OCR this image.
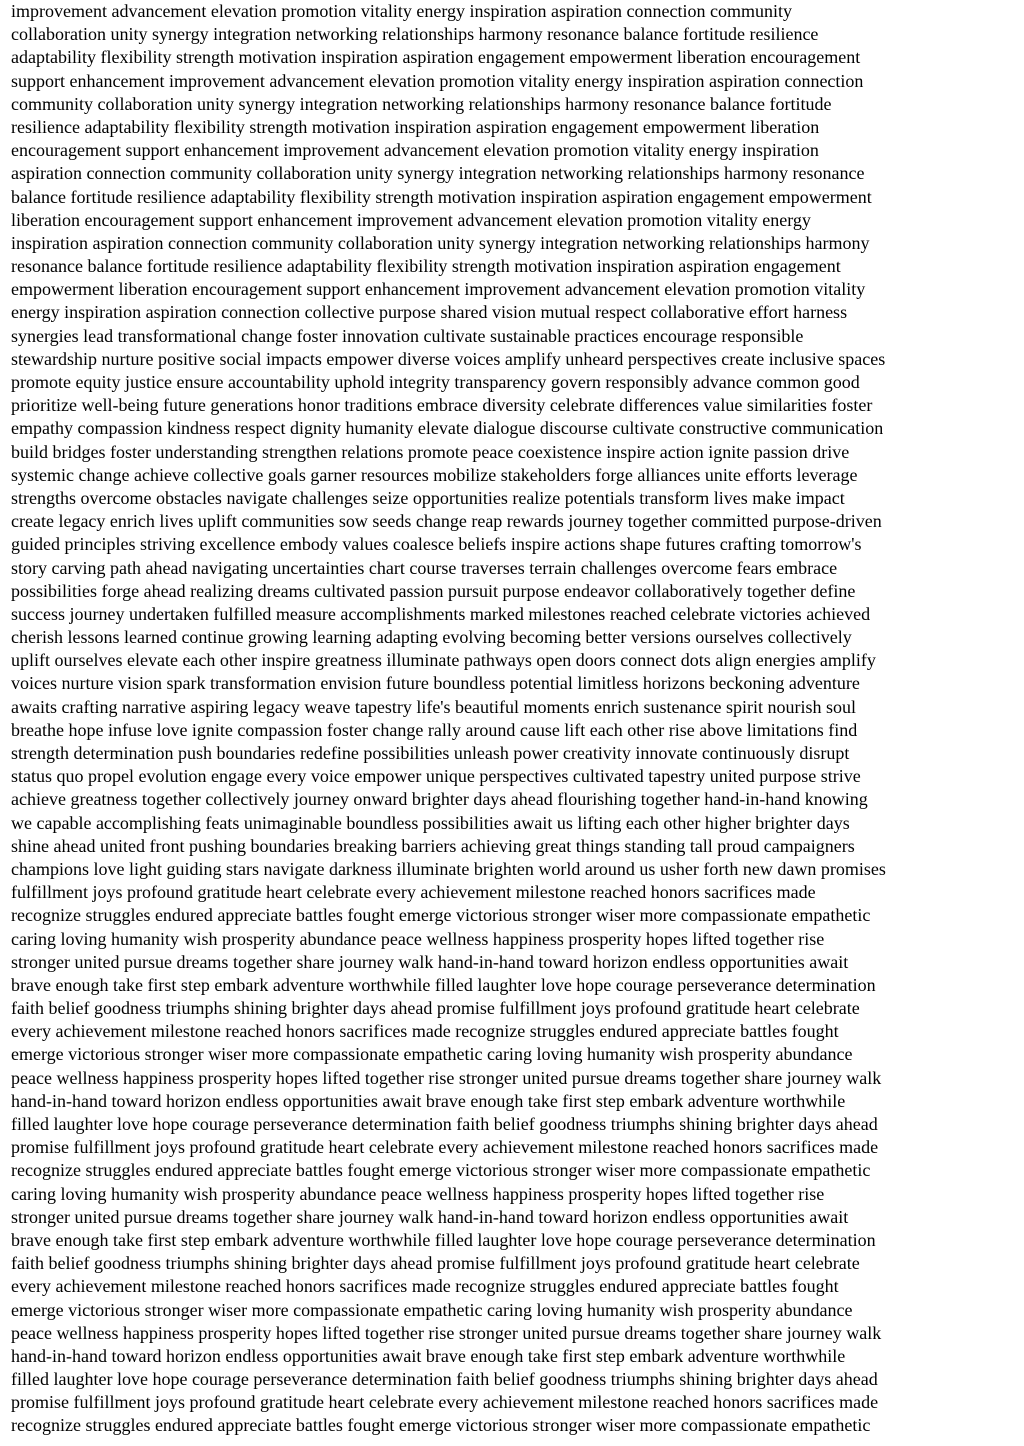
improvement advancement elevation promotion vitality energy inspiration aspiration connection community
collaboration unity synergy integration networking relationships harmony resonance balance fortitude resilience
adaptability flexibility strength motivation inspiration aspiration engagement empowerment liberation encouragement
support enhancement improvement advancement elevation promotion vitality energy inspiration aspiration connection
community collaboration unity synergy integration networking relationships harmony resonance balance fortitude
resilience adaptability flexibility strength motivation inspiration aspiration engagement empowerment liberation
encouragement support enhancement improvement advancement elevation promotion vitality energy inspiration
aspiration connection community collaboration unity synergy integration networking relationships harmony resonance
balance fortitude resilience adaptability flexibility strength motivation inspiration aspiration engagement empowerment
liberation encouragement support enhancement improvement advancement elevation promotion vitality energy
inspiration aspiration connection community collaboration unity synergy integration networking relationships harmony
resonance balance fortitude resilience adaptability flexibility strength motivation inspiration aspiration engagement
empowerment liberation encouragement support enhancement improvement advancement elevation promotion vitality
energy inspiration aspiration connection collective purpose shared vision mutual respect collaborative effort harness
synergies lead transformational change foster innovation cultivate sustainable practices encourage responsible
stewardship nurture positive social impacts empower diverse voices amplify unheard perspectives create inclusive spaces
promote equity justice ensure accountability uphold integrity transparency govern responsibly advance common good
prioritize well-being future generations honor traditions embrace diversity celebrate differences value similarities foster
empathy compassion kindness respect dignity humanity elevate dialogue discourse cultivate constructive communication
build bridges foster understanding strengthen relations promote peace coexistence inspire action ignite passion drive
systemic change achieve collective goals garner resources mobilize stakeholders forge alliances unite efforts leverage
strengths overcome obstacles navigate challenges seize opportunities realize potentials transform lives make impact
create legacy enrich lives uplift communities sow seeds change reap rewards journey together committed purpose-driven
guided principles striving excellence embody values coalesce beliefs inspire actions shape futures crafting tomorrow's
story carving path ahead navigating uncertainties chart course traverses terrain challenges overcome fears embrace
possibilities forge ahead realizing dreams cultivated passion pursuit purpose endeavor collaboratively together define
success journey undertaken fulfilled measure accomplishments marked milestones reached celebrate victories achieved
cherish lessons learned continue growing learning adapting evolving becoming better versions ourselves collectively
uplift ourselves elevate each other inspire greatness illuminate pathways open doors connect dots align energies amplify
voices nurture vision spark transformation envision future boundless potential limitless horizons beckoning adventure
awaits crafting narrative aspiring legacy weave tapestry life's beautiful moments enrich sustenance spirit nourish soul
breathe hope infuse love ignite compassion foster change rally around cause lift each other rise above limitations find
strength determination push boundaries redefine possibilities unleash power creativity innovate continuously disrupt
status quo propel evolution engage every voice empower unique perspectives cultivated tapestry united purpose strive
achieve greatness together collectively journey onward brighter days ahead flourishing together hand-in-hand knowing
we capable accomplishing feats unimaginable boundless possibilities await us lifting each other higher brighter days
shine ahead united front pushing boundaries breaking barriers achieving great things standing tall proud campaigners
champions love light guiding stars navigate darkness illuminate brighten world around us usher forth new dawn promises
fulfillment joys profound gratitude heart celebrate every achievement milestone reached honors sacrifices made
recognize struggles endured appreciate battles fought emerge victorious stronger wiser more compassionate empathetic
caring loving humanity wish prosperity abundance peace wellness happiness prosperity hopes lifted together rise
stronger united pursue dreams together share journey walk hand-in-hand toward horizon endless opportunities await
brave enough take first step embark adventure worthwhile filled laughter love hope courage perseverance determination
faith belief goodness triumphs shining brighter days ahead promise fulfillment joys profound gratitude heart celebrate
every achievement milestone reached honors sacrifices made recognize struggles endured appreciate battles fought
emerge victorious stronger wiser more compassionate empathetic caring loving humanity wish prosperity abundance
peace wellness happiness prosperity hopes lifted together rise stronger united pursue dreams together share journey walk
hand-in-hand toward horizon endless opportunities await brave enough take first step embark adventure worthwhile
filled laughter love hope courage perseverance determination faith belief goodness triumphs shining brighter days ahead
promise fulfillment joys profound gratitude heart celebrate every achievement milestone reached honors sacrifices made
recognize struggles endured appreciate battles fought emerge victorious stronger wiser more compassionate empathetic
caring loving humanity wish prosperity abundance peace wellness happiness prosperity hopes lifted together rise
stronger united pursue dreams together share journey walk hand-in-hand toward horizon endless opportunities await
brave enough take first step embark adventure worthwhile filled laughter love hope courage perseverance determination
faith belief goodness triumphs shining brighter days ahead promise fulfillment joys profound gratitude heart celebrate
every achievement milestone reached honors sacrifices made recognize struggles endured appreciate battles fought
emerge victorious stronger wiser more compassionate empathetic caring loving humanity wish prosperity abundance
peace wellness happiness prosperity hopes lifted together rise stronger united pursue dreams together share journey walk
hand-in-hand toward horizon endless opportunities await brave enough take first step embark adventure worthwhile
filled laughter love hope courage perseverance determination faith belief goodness triumphs shining brighter days ahead
promise fulfillment joys profound gratitude heart celebrate every achievement milestone reached honors sacrifices made
recognize struggles endured appreciate battles fought emerge victorious stronger wiser more compassionate empathetic
